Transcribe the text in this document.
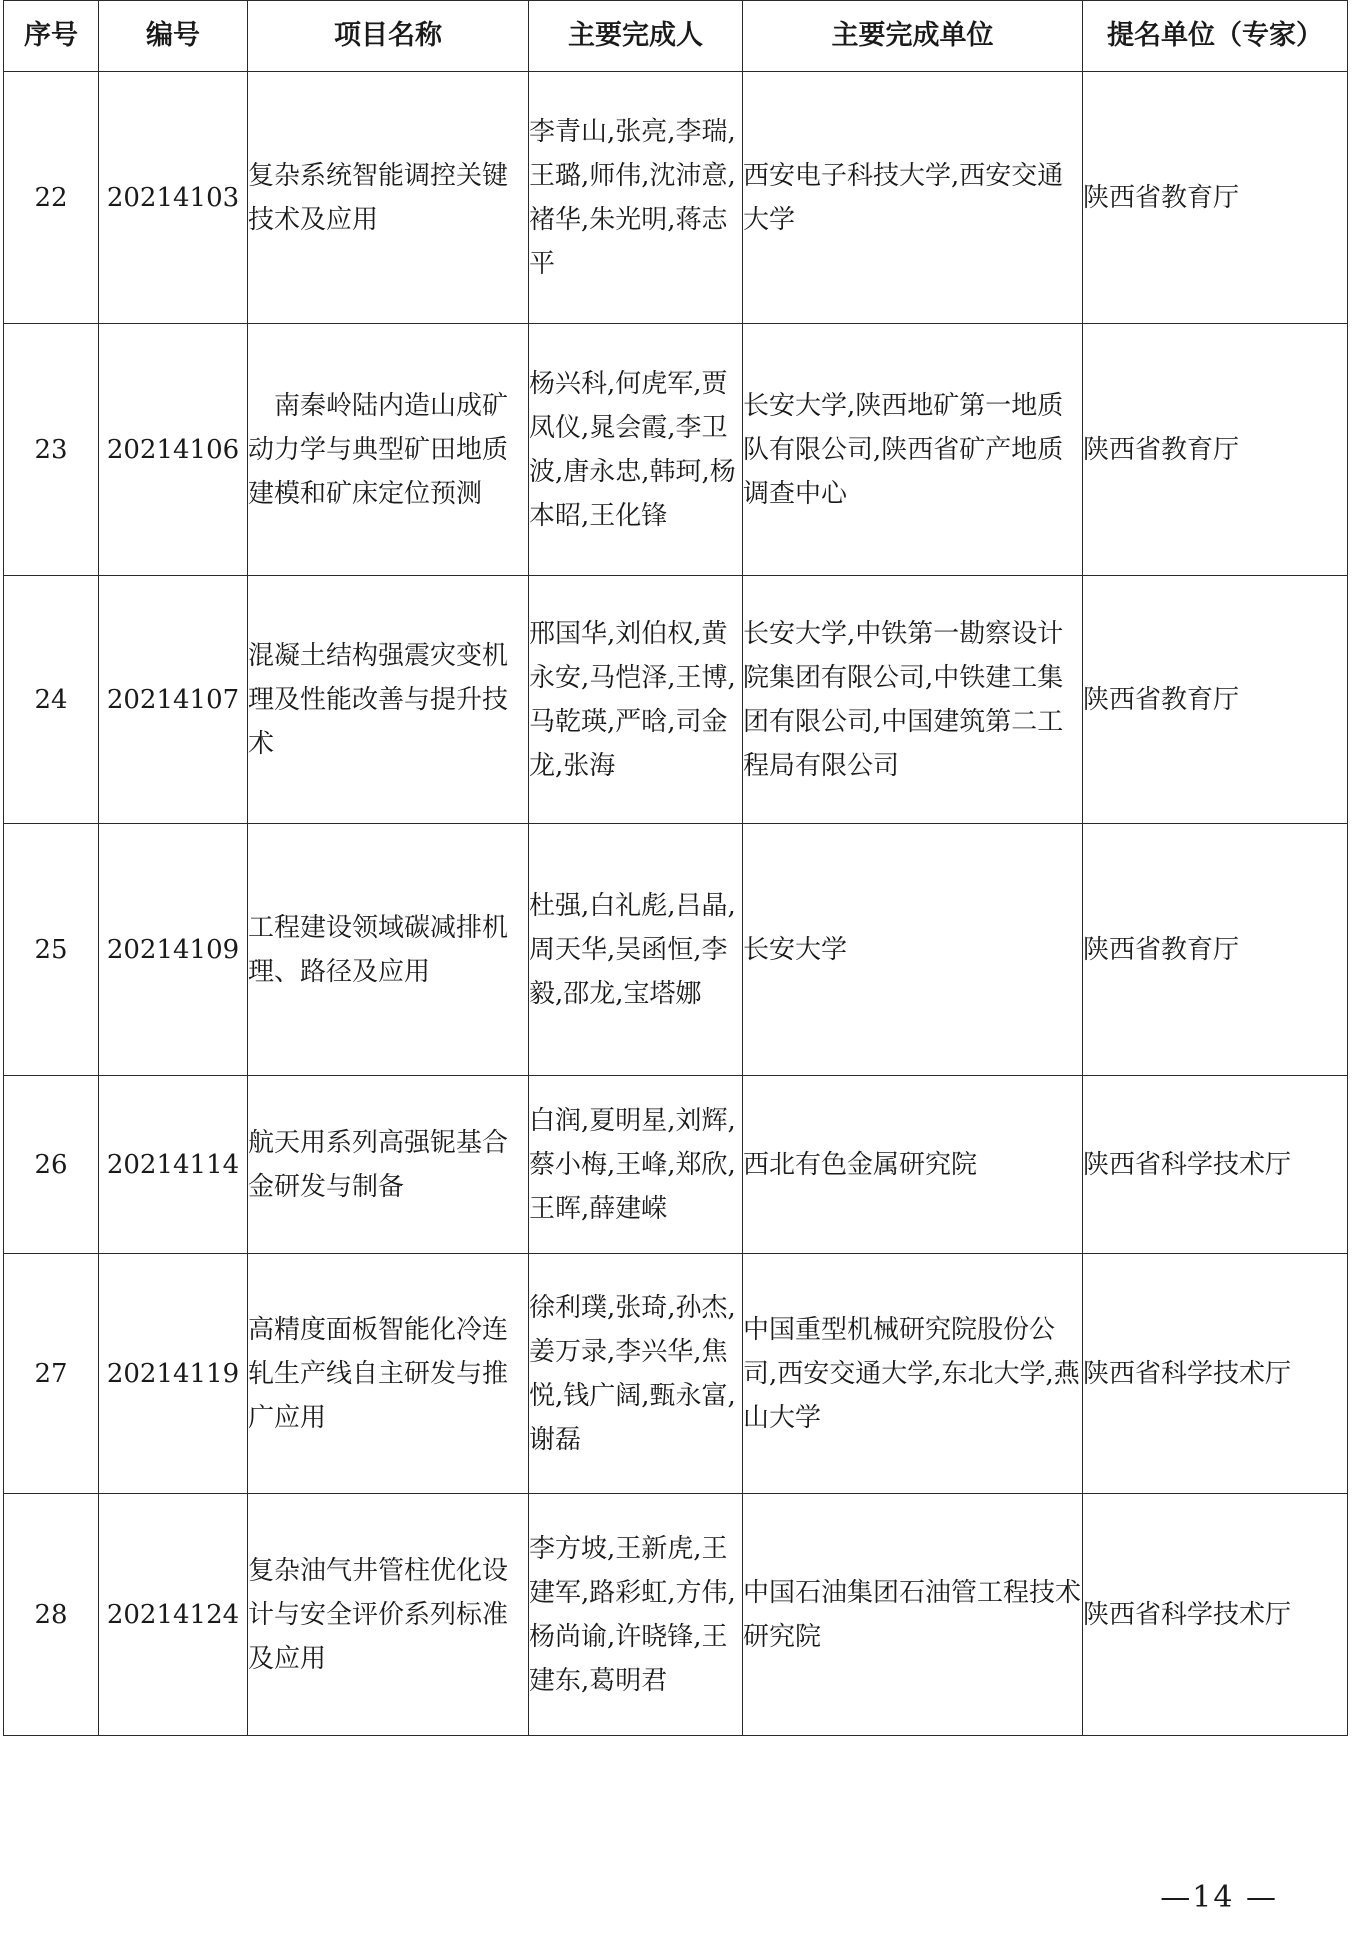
序号	编号	项目名称	主要完成人	主要完成单位	提名单位（专家）
22	20214103	复杂系统智能调控关键技术及应用	李青山,张亮,李瑞,王璐,师伟,沈沛意,褚华,朱光明,蒋志平	西安电子科技大学,西安交通大学	陕西省教育厅
23	20214106	南秦岭陆内造山成矿动力学与典型矿田地质建模和矿床定位预测	杨兴科,何虎军,贾凤仪,晁会霞,李卫波,唐永忠,韩珂,杨本昭,王化锋	长安大学,陕西地矿第一地质队有限公司,陕西省矿产地质调查中心	陕西省教育厅
24	20214107	混凝土结构强震灾变机理及性能改善与提升技术	邢国华,刘伯权,黄永安,马恺泽,王博,马乾瑛,严晗,司金龙,张海	长安大学,中铁第一勘察设计院集团有限公司,中铁建工集团有限公司,中国建筑第二工程局有限公司	陕西省教育厅
25	20214109	工程建设领域碳减排机理、路径及应用	杜强,白礼彪,吕晶,周天华,吴函恒,李毅,邵龙,宝塔娜	长安大学	陕西省教育厅
26	20214114	航天用系列高强铌基合金研发与制备	白润,夏明星,刘辉,蔡小梅,王峰,郑欣,王晖,薛建嵘	西北有色金属研究院	陕西省科学技术厅
27	20214119	高精度面板智能化冷连轧生产线自主研发与推广应用	徐利璞,张琦,孙杰,姜万录,李兴华,焦悦,钱广阔,甄永富,谢磊	中国重型机械研究院股份公司,西安交通大学,东北大学,燕山大学	陕西省科学技术厅
28	20214124	复杂油气井管柱优化设计与安全评价系列标准及应用	李方坡,王新虎,王建军,路彩虹,方伟,杨尚谕,许晓锋,王建东,葛明君	中国石油集团石油管工程技术研究院	陕西省科学技术厅
—14 —
